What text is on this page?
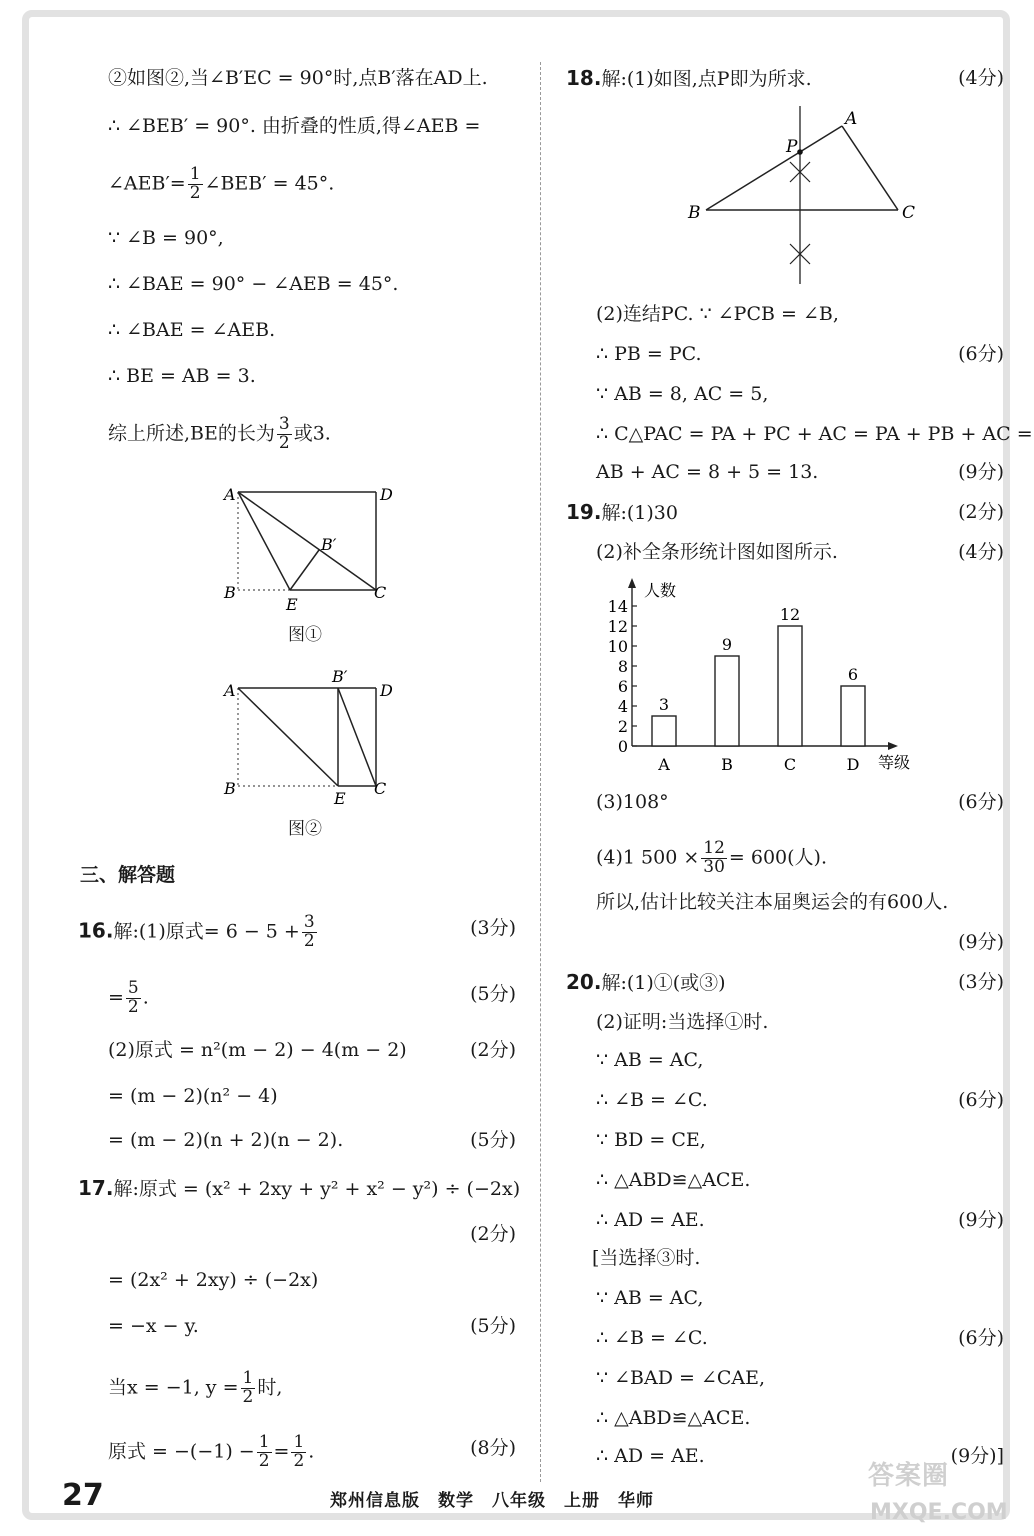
②如图②,当∠B′EC = 90°时,点B′落在AD上.
∴ ∠BEB′ = 90°. 由折叠的性质,得∠AEB =
∠AEB′= $\frac{1}{2}$ ∠BEB′ = 45°.
∵ ∠B = 90°,
∴ ∠BAE = 90° − ∠AEB = 45°.
∴ ∠BAE = ∠AEB.
∴ BE = AB = 3.
综上所述,BE的长为 $\frac{3}{2}$ 或3.
A	D
B	C
E
B′
图①
A	D
B	C
E
B′
图②
三、解答题
16.解:(1)原式= $6 - 5 + \frac{3}{2}$	(3分)
= $\frac{5}{2}$ .	(5分)
(2)原式 = n²(m − 2) − 4(m − 2)	(2分)
= (m − 2)(n² − 4)
= (m − 2)(n + 2)(n − 2).	(5分)
17.解:原式 = (x² + 2xy + y² + x² − y²) ÷ (−2x)
(2分)
= (2x² + 2xy) ÷ (−2x)
= −x − y.	(5分)
当x = −1, $y = \frac{1}{2}$ 时,
原式 = $-(-1) - \frac{1}{2} = \frac{1}{2}$ .	(8分)
18.解:(1)如图,点P即为所求.	(4分)
A
B	C
P
(2)连结PC. ∵ ∠PCB = ∠B,
∴ PB = PC.	(6分)
∵ AB = 8, AC = 5,
∴ C△PAC = PA + PC + AC = PA + PB + AC =
AB + AC = 8 + 5 = 13.	(9分)
19.解:(1)30	(2分)
(2)补全条形统计图如图所示.	(4分)
人数
等级
0
2
4
6
8
10
12
14
3
A
9
B
12
C
6
D
(3)108°	(6分)
(4)1 $500 \times \frac{12}{30} = 600$(人).
所以,估计比较关注本届奥运会的有600人.
(9分)
20.解:(1)①(或③)	(3分)
(2)证明:当选择①时.
∵ AB = AC,
∴ ∠B = ∠C.	(6分)
∵ BD = CE,
∴ △ABD≌△ACE.
∴ AD = AE.	(9分)
[当选择③时.
∵ AB = AC,
∴ ∠B = ∠C.	(6分)
∵ ∠BAD = ∠CAE,
∴ △ABD≌△ACE.
∴ AD = AE.	(9分)]
27	郑州信息版　数学　八年级　上册　华师
答案圈
MXQE.COM
